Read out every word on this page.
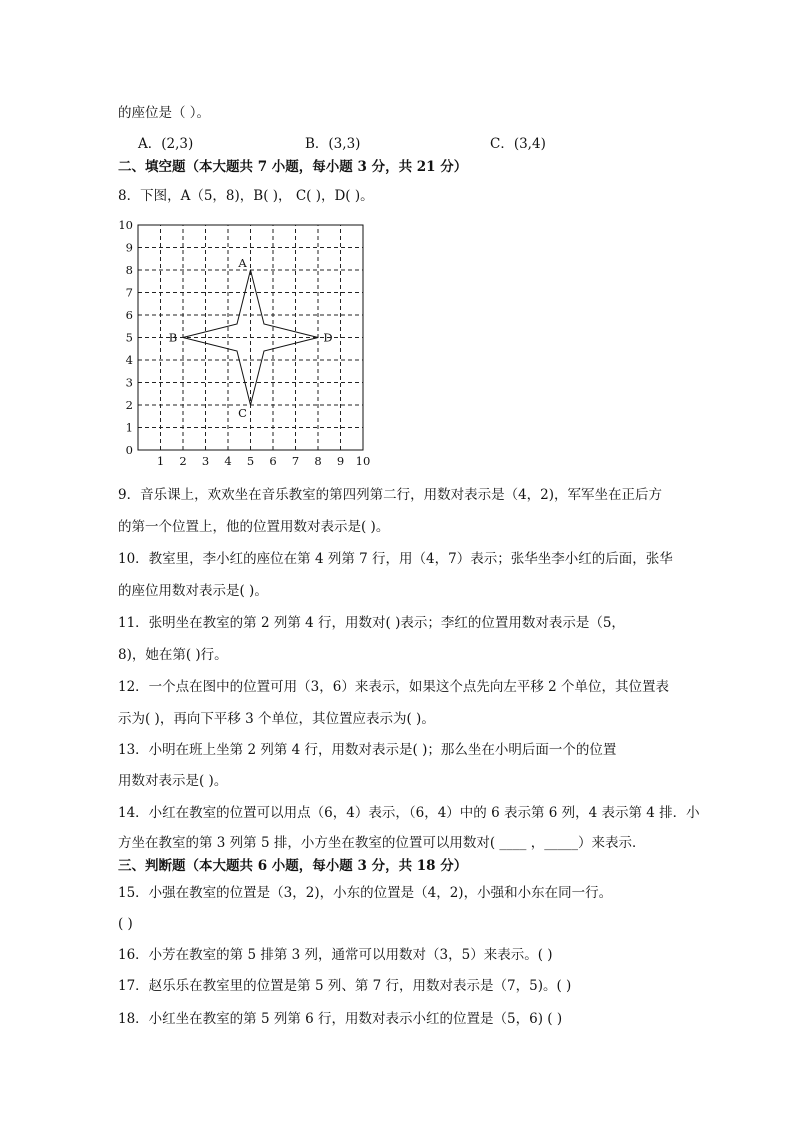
的座位是（ ）。
A．(2,3)	B．(3,3)	C．(3,4)
二、填空题（本大题共 7 小题，每小题 3 分，共 21 分）
8．下图，A（5，8)，B( )， C( )，D( )。
1 2 3 4 5 6 7 8 9 10
0
1
2
3
4
5
6
7
8
9
10
A
B
C
D
9．音乐课上，欢欢坐在音乐教室的第四列第二行，用数对表示是（4，2)，军军坐在正后方
的第一个位置上，他的位置用数对表示是( )。
10．教室里，李小红的座位在第 4 列第 7 行，用（4，7）表示；张华坐李小红的后面，张华
的座位用数对表示是( )。
11．张明坐在教室的第 2 列第 4 行，用数对( )表示；李红的位置用数对表示是（5，
8)，她在第( )行。
12．一个点在图中的位置可用（3，6）来表示，如果这个点先向左平移 2 个单位，其位置表
示为( )，再向下平移 3 个单位，其位置应表示为( )。
13．小明在班上坐第 2 列第 4 行，用数对表示是( )；那么坐在小明后面一个的位置
用数对表示是( )。
14．小红在教室的位置可以用点（6，4）表示，（6，4）中的 6 表示第 6 列，4 表示第 4 排．小
方坐在教室的第 3 列第 5 排，小方坐在教室的位置可以用数对( ____ ，_____）来表示．
三、判断题（本大题共 6 小题，每小题 3 分，共 18 分）
15．小强在教室的位置是（3，2)，小东的位置是（4，2)，小强和小东在同一行。
( )
16．小芳在教室的第 5 排第 3 列，通常可以用数对（3，5）来表示。( )
17．赵乐乐在教室里的位置是第 5 列、第 7 行，用数对表示是（7，5)。( )
18．小红坐在教室的第 5 列第 6 行，用数对表示小红的位置是（5，6) ( )
